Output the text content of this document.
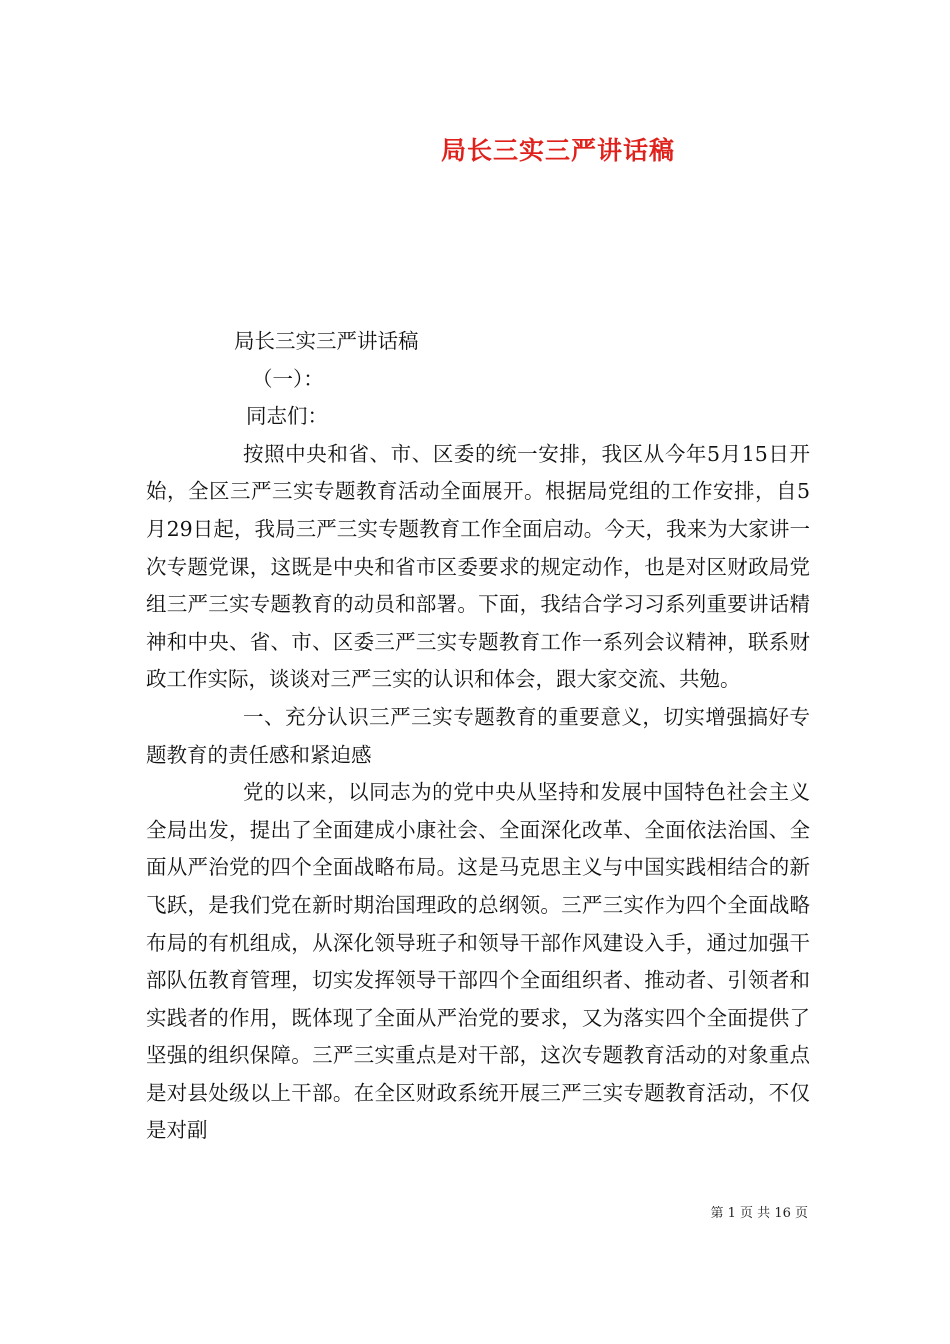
局长三实三严讲话稿

局长三实三严讲话稿

（一）：

同志们：

按照中央和省、市、区委的统一安排，我区从今年5月15日开始，全区三严三实专题教育活动全面展开。根据局党组的工作安排，自5月29日起，我局三严三实专题教育工作全面启动。今天，我来为大家讲一次专题党课，这既是中央和省市区委要求的规定动作，也是对区财政局党组三严三实专题教育的动员和部署。下面，我结合学习习系列重要讲话精神和中央、省、市、区委三严三实专题教育工作一系列会议精神，联系财政工作实际，谈谈对三严三实的认识和体会，跟大家交流、共勉。

一、充分认识三严三实专题教育的重要意义，切实增强搞好专题教育的责任感和紧迫感

党的以来，以同志为的党中央从坚持和发展中国特色社会主义全局出发，提出了全面建成小康社会、全面深化改革、全面依法治国、全面从严治党的四个全面战略布局。这是马克思主义与中国实践相结合的新飞跃，是我们党在新时期治国理政的总纲领。三严三实作为四个全面战略布局的有机组成，从深化领导班子和领导干部作风建设入手，通过加强干部队伍教育管理，切实发挥领导干部四个全面组织者、推动者、引领者和实践者的作用，既体现了全面从严治党的要求，又为落实四个全面提供了坚强的组织保障。三严三实重点是对干部，这次专题教育活动的对象重点是对县处级以上干部。在全区财政系统开展三严三实专题教育活动，不仅是对副

第 1 页 共 16 页
